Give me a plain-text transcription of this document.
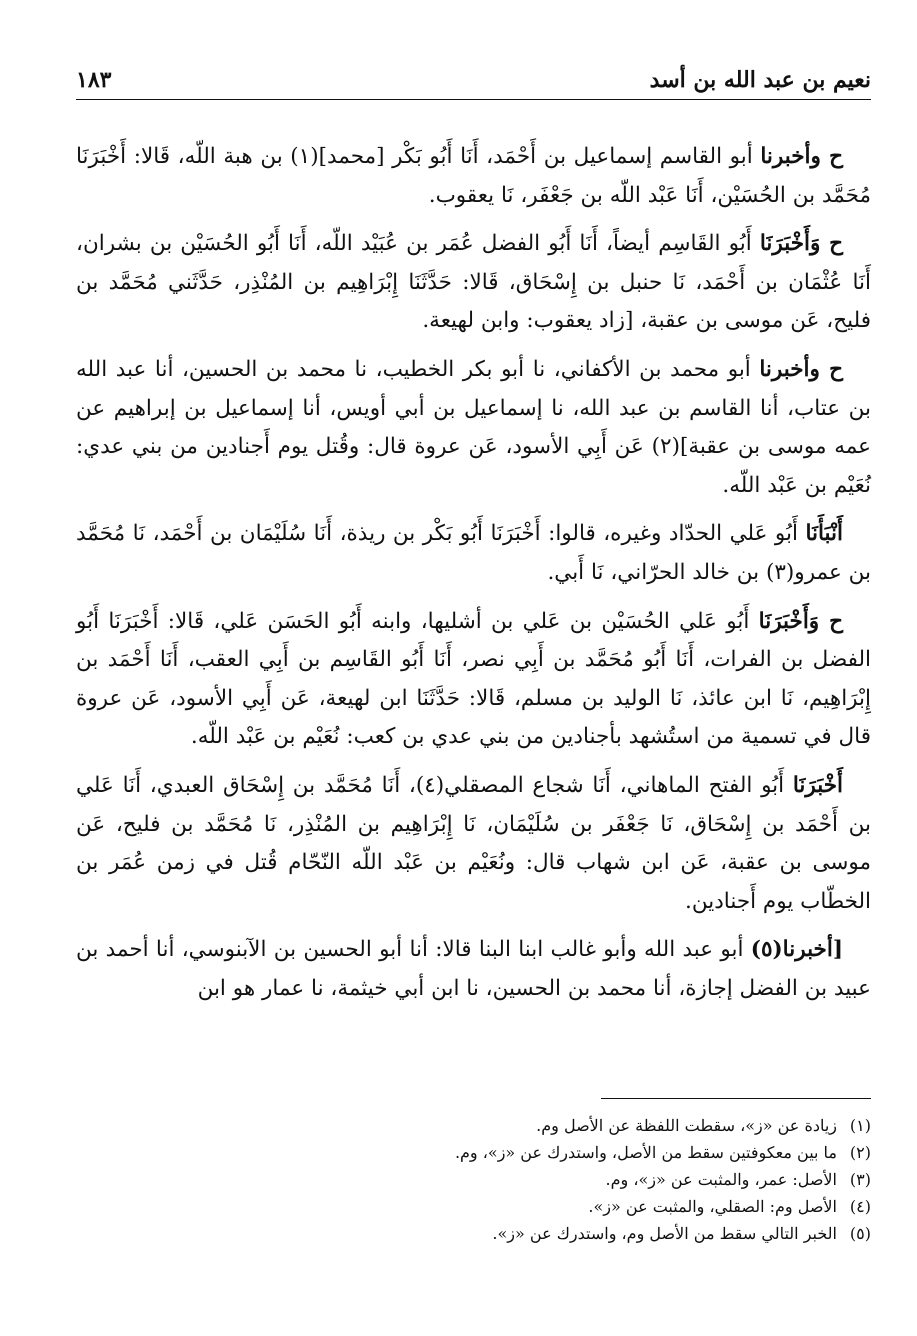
نعيم بن عبد الله بن أسد
١٨٣

ح وأخبرنا أبو القاسم إسماعيل بن أَحْمَد، أَنَا أَبُو بَكْر [محمد](١) بن هبة اللّه، قَالا: أَخْبَرَنَا مُحَمَّد بن الحُسَيْن، أَنَا عَبْد اللّه بن جَعْفَر، نَا يعقوب.

ح وَأَخْبَرَنَا أَبُو القَاسِم أيضاً، أَنَا أَبُو الفضل عُمَر بن عُبَيْد اللّه، أَنَا أَبُو الحُسَيْن بن بشران، أَنَا عُثْمَان بن أَحْمَد، نَا حنبل بن إِسْحَاق، قَالا: حَدَّثَنَا إِبْرَاهِيم بن المُنْذِر، حَدَّثَني مُحَمَّد بن فليح، عَن موسى بن عقبة، [زاد يعقوب: وابن لهيعة.

ح وأخبرنا أبو محمد بن الأكفاني، نا أبو بكر الخطيب، نا محمد بن الحسين، أنا عبد الله بن عتاب، أنا القاسم بن عبد الله، نا إسماعيل بن أبي أويس، أنا إسماعيل بن إبراهيم عن عمه موسى بن عقبة](٢) عَن أَبِي الأسود، عَن عروة قال: وقُتل يوم أَجنادين من بني عدي: نُعَيْم بن عَبْد اللّه.

أَنْبَأَنَا أَبُو عَلي الحدّاد وغيره، قالوا: أَخْبَرَنَا أَبُو بَكْر بن ريذة، أَنَا سُلَيْمَان بن أَحْمَد، نَا مُحَمَّد بن عمرو(٣) بن خالد الحرّاني، نَا أَبي.

ح وَأَخْبَرَنَا أَبُو عَلي الحُسَيْن بن عَلي بن أشليها، وابنه أَبُو الحَسَن عَلي، قَالا: أَخْبَرَنَا أَبُو الفضل بن الفرات، أَنَا أَبُو مُحَمَّد بن أَبِي نصر، أَنَا أَبُو القَاسِم بن أَبِي العقب، أَنَا أَحْمَد بن إِبْرَاهِيم، نَا ابن عائذ، نَا الوليد بن مسلم، قَالا: حَدَّثَنَا ابن لهيعة، عَن أَبِي الأسود، عَن عروة قال في تسمية من استُشهد بأجنادين من بني عدي بن كعب: نُعَيْم بن عَبْد اللّه.

أَخْبَرَنَا أَبُو الفتح الماهاني، أَنَا شجاع المصقلي(٤)، أَنَا مُحَمَّد بن إِسْحَاق العبدي، أَنَا عَلي بن أَحْمَد بن إِسْحَاق، نَا جَعْفَر بن سُلَيْمَان، نَا إِبْرَاهِيم بن المُنْذِر، نَا مُحَمَّد بن فليح، عَن موسى بن عقبة، عَن ابن شهاب قال: ونُعَيْم بن عَبْد اللّه النّحّام قُتل في زمن عُمَر بن الخطّاب يوم أَجنادين.

[أخبرنا(٥) أبو عبد الله وأبو غالب ابنا البنا قالا: أنا أبو الحسين بن الآبنوسي، أنا أحمد بن عبيد بن الفضل إجازة، أنا محمد بن الحسين، نا ابن أبي خيثمة، نا عمار هو ابن

(١)
زيادة عن «ز»، سقطت اللفظة عن الأصل وم.
(٢)
ما بين معكوفتين سقط من الأصل، واستدرك عن «ز»، وم.
(٣)
الأصل: عمر، والمثبت عن «ز»، وم.
(٤)
الأصل وم: الصقلي، والمثبت عن «ز».
(٥)
الخبر التالي سقط من الأصل وم، واستدرك عن «ز».
